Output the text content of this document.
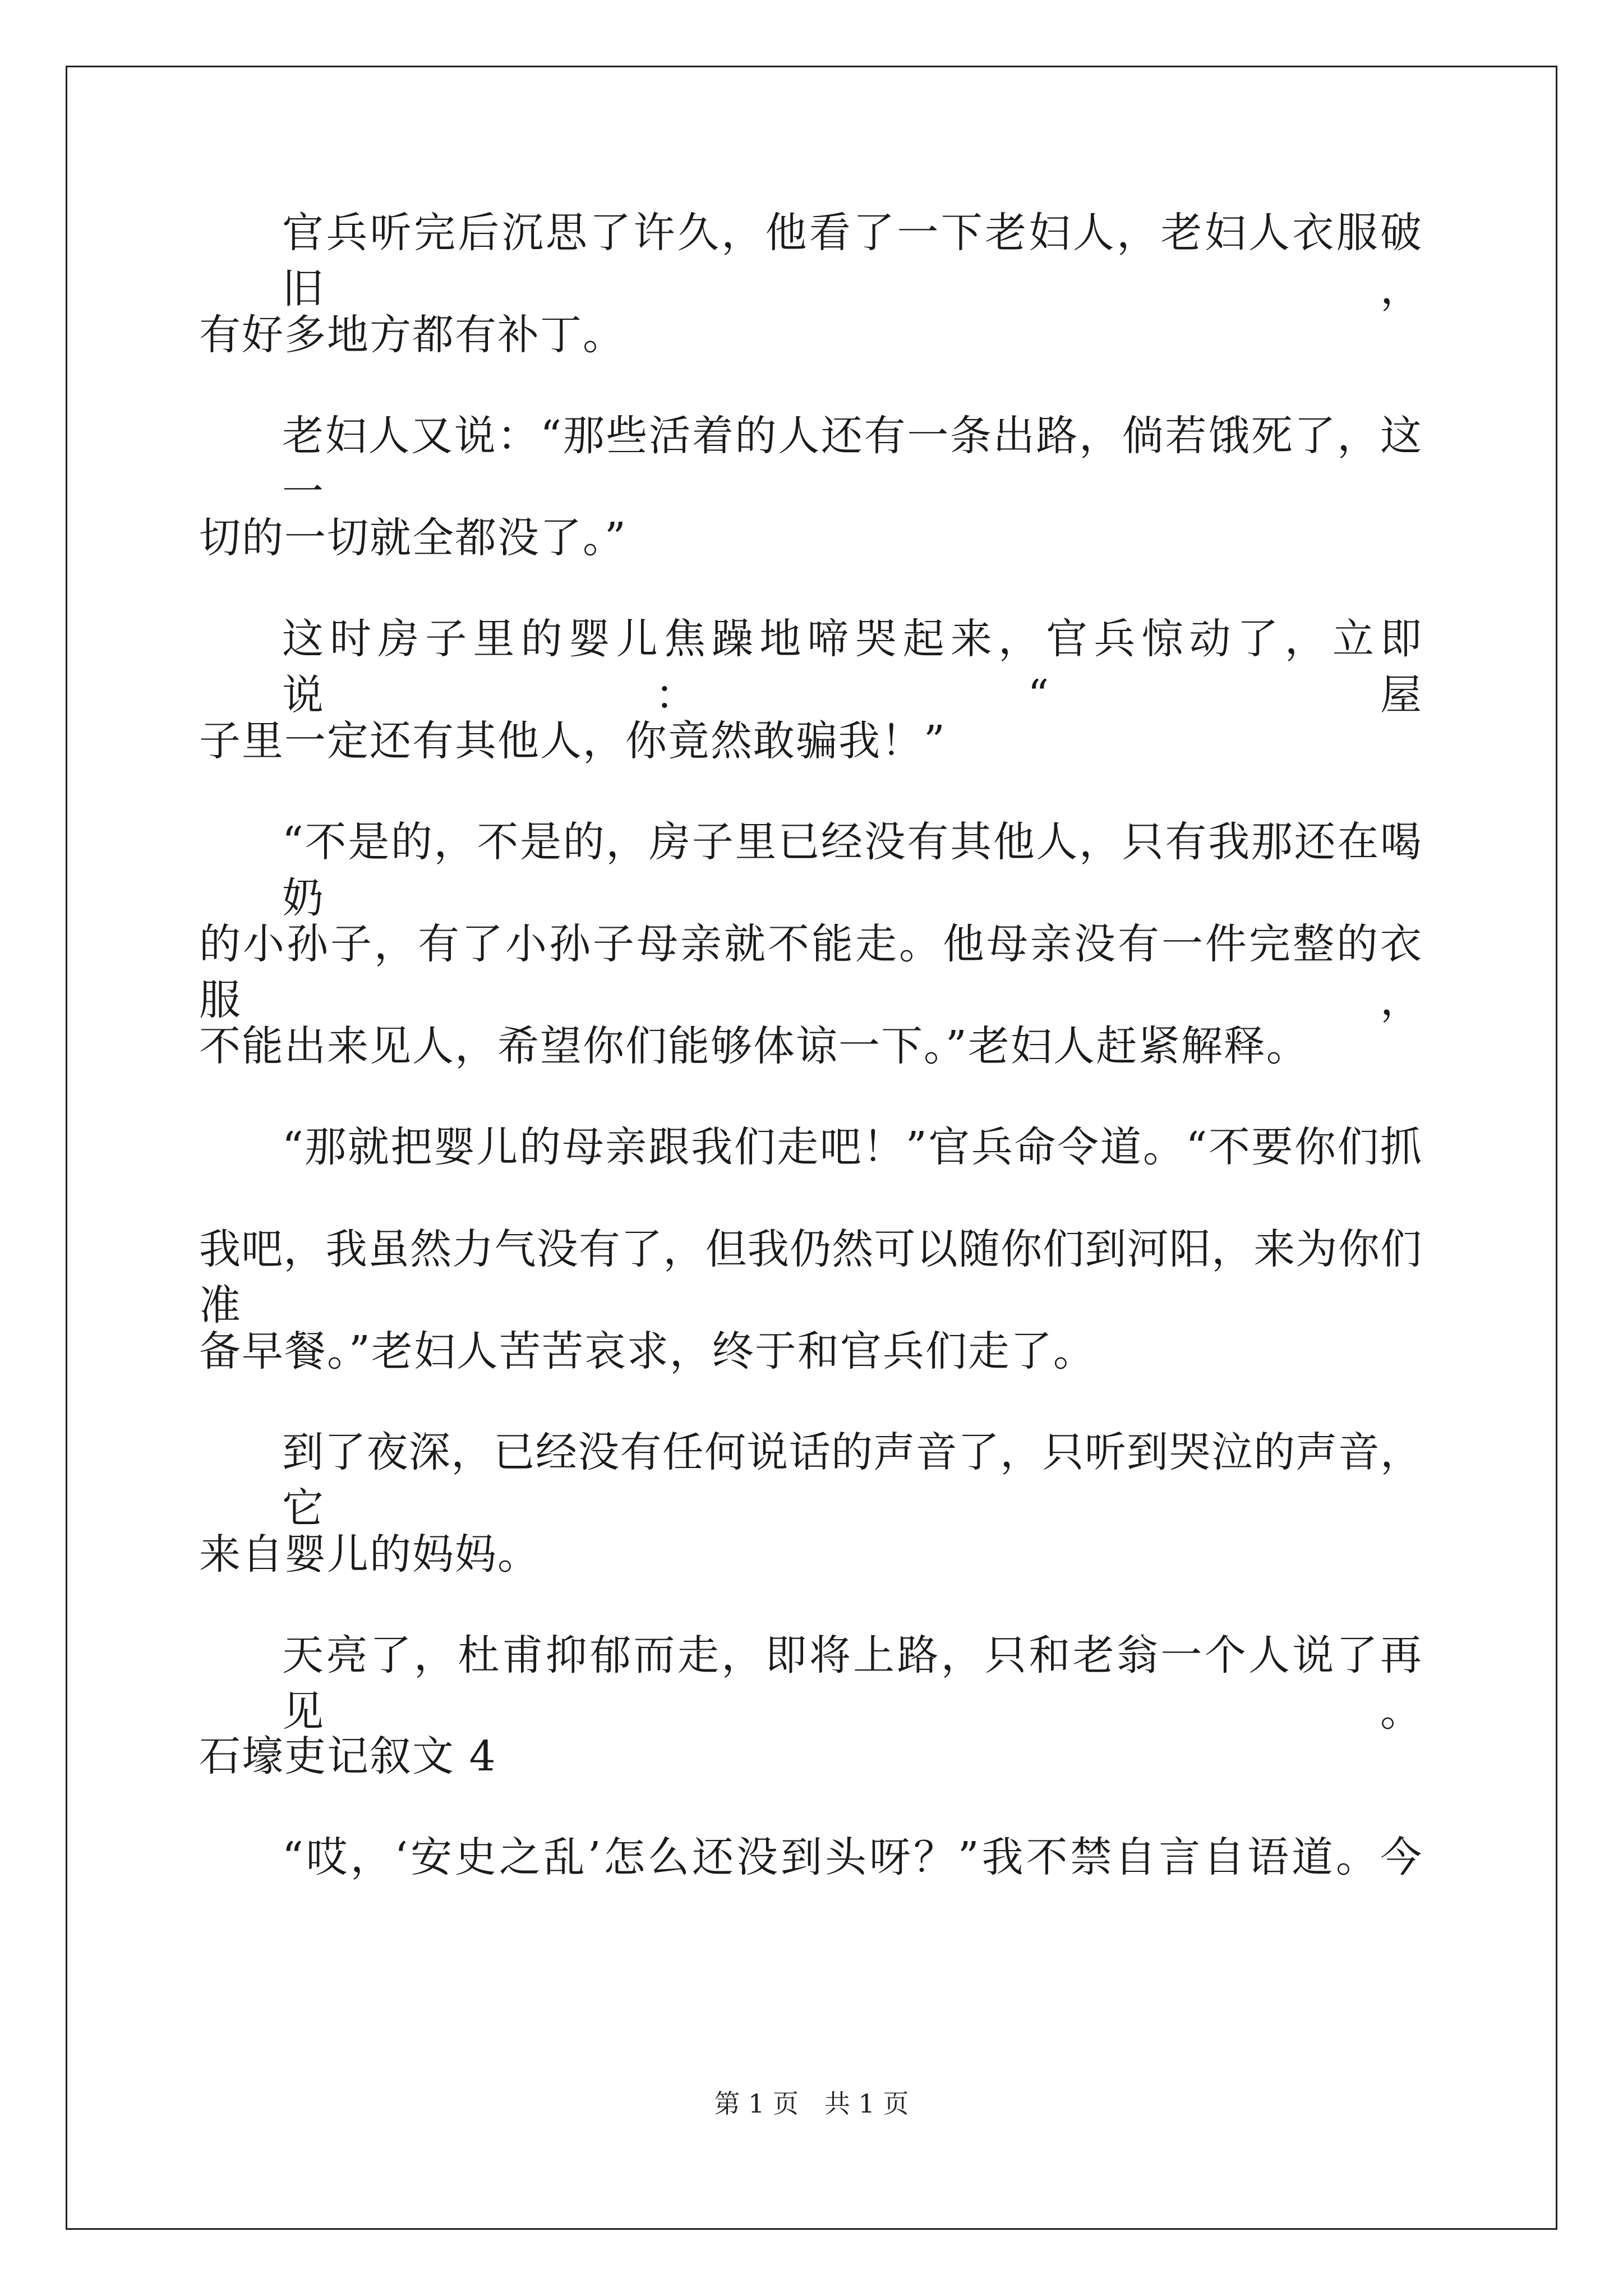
官兵听完后沉思了许久，他看了一下老妇人，老妇人衣服破旧，
有好多地方都有补丁。
老妇人又说：“那些活着的人还有一条出路，倘若饿死了，这一
切的一切就全都没了。”
这时房子里的婴儿焦躁地啼哭起来，官兵惊动了，立即说：“屋
子里一定还有其他人，你竟然敢骗我！”
“不是的，不是的，房子里已经没有其他人，只有我那还在喝奶
的小孙子，有了小孙子母亲就不能走。他母亲没有一件完整的衣服，
不能出来见人，希望你们能够体谅一下。”老妇人赶紧解释。
“那就把婴儿的母亲跟我们走吧！”官兵命令道。“不要你们抓
我吧，我虽然力气没有了，但我仍然可以随你们到河阳，来为你们准
备早餐。”老妇人苦苦哀求，终于和官兵们走了。
到了夜深，已经没有任何说话的声音了，只听到哭泣的声音，它
来自婴儿的妈妈。
天亮了，杜甫抑郁而走，即将上路，只和老翁一个人说了再见。
石壕吏记叙文 4
“哎，‘安史之乱’怎么还没到头呀？”我不禁自言自语道。今
第 1 页　共 1 页
